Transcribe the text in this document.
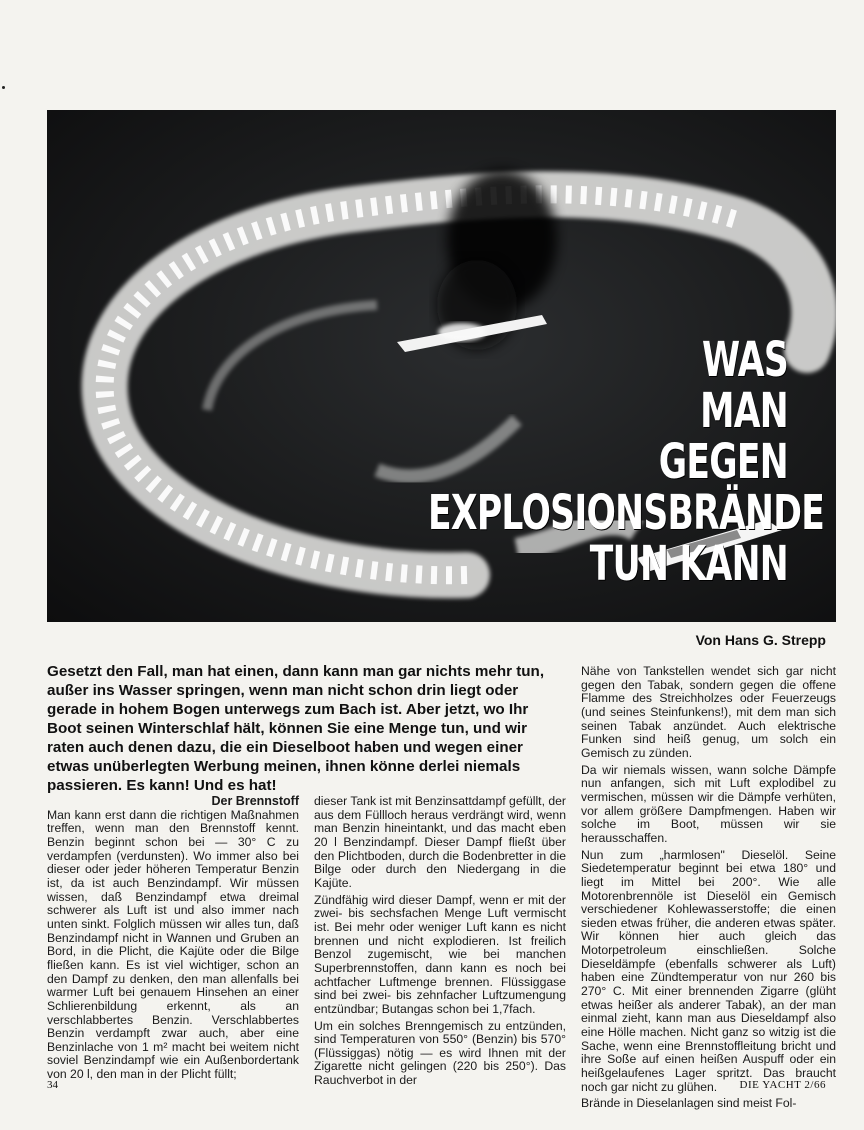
WAS
MAN
GEGEN
EXPLOSIONSBRÄNDE
TUN KANN
Von Hans G. Strepp
Gesetzt den Fall, man hat einen, dann kann man gar nichts mehr tun, außer ins Wasser springen, wenn man nicht schon drin liegt oder gerade in hohem Bogen unterwegs zum Bach ist. Aber jetzt, wo Ihr Boot seinen Winterschlaf hält, können Sie eine Menge tun, und wir raten auch denen dazu, die ein Dieselboot haben und wegen einer etwas unüberlegten Werbung meinen, ihnen könne derlei niemals passieren. Es kann! Und es hat!

Der Brennstoff

Man kann erst dann die richtigen Maßnahmen treffen, wenn man den Brennstoff kennt. Benzin beginnt schon bei — 30° C zu verdampfen (verdunsten). Wo immer also bei dieser oder jeder höheren Temperatur Benzin ist, da ist auch Benzindampf. Wir müssen wissen, daß Benzindampf etwa dreimal schwerer als Luft ist und also immer nach unten sinkt. Folglich müssen wir alles tun, daß Benzindampf nicht in Wannen und Gruben an Bord, in die Plicht, die Kajüte oder die Bilge fließen kann. Es ist viel wichtiger, schon an den Dampf zu denken, den man allenfalls bei warmer Luft bei genauem Hinsehen an einer Schlierenbildung erkennt, als an verschlabbertes Benzin. Verschlabbertes Benzin verdampft zwar auch, aber eine Benzinlache von 1 m² macht bei weitem nicht soviel Benzindampf wie ein Außenbordertank von 20 l, den man in der Plicht füllt;

dieser Tank ist mit Benzinsattdampf gefüllt, der aus dem Füllloch heraus verdrängt wird, wenn man Benzin hineintankt, und das macht eben 20 l Benzindampf. Dieser Dampf fließt über den Plichtboden, durch die Bodenbretter in die Bilge oder durch den Niedergang in die Kajüte.

Zündfähig wird dieser Dampf, wenn er mit der zwei- bis sechsfachen Menge Luft vermischt ist. Bei mehr oder weniger Luft kann es nicht brennen und nicht explodieren. Ist freilich Benzol zugemischt, wie bei manchen Superbrennstoffen, dann kann es noch bei achtfacher Luftmenge brennen. Flüssiggase sind bei zwei- bis zehnfacher Luftzumengung entzündbar; Butangas schon bei 1,7fach.

Um ein solches Brenngemisch zu entzünden, sind Temperaturen von 550° (Benzin) bis 570° (Flüssiggas) nötig — es wird Ihnen mit der Zigarette nicht gelingen (220 bis 250°). Das Rauchverbot in der

Nähe von Tankstellen wendet sich gar nicht gegen den Tabak, sondern gegen die offene Flamme des Streichholzes oder Feuerzeugs (und seines Steinfunkens!), mit dem man sich seinen Tabak anzündet. Auch elektrische Funken sind heiß genug, um solch ein Gemisch zu zünden.

Da wir niemals wissen, wann solche Dämpfe nun anfangen, sich mit Luft explodibel zu vermischen, müssen wir die Dämpfe verhüten, vor allem größere Dampfmengen. Haben wir solche im Boot, müssen wir sie herausschaffen.

Nun zum „harmlosen" Dieselöl. Seine Siedetemperatur beginnt bei etwa 180° und liegt im Mittel bei 200°. Wie alle Motorenbrennöle ist Dieselöl ein Gemisch verschiedener Kohlewasserstoffe; die einen sieden etwas früher, die anderen etwas später. Wir können hier auch gleich das Motorpetroleum einschließen. Solche Dieseldämpfe (ebenfalls schwerer als Luft) haben eine Zündtemperatur von nur 260 bis 270° C. Mit einer brennenden Zigarre (glüht etwas heißer als anderer Tabak), an der man einmal zieht, kann man aus Dieseldampf also eine Hölle machen. Nicht ganz so witzig ist die Sache, wenn eine Brennstoffleitung bricht und ihre Soße auf einen heißen Auspuff oder ein heißgelaufenes Lager spritzt. Das braucht noch gar nicht zu glühen.

Brände in Dieselanlagen sind meist Fol-

34	DIE YACHT 2/66
